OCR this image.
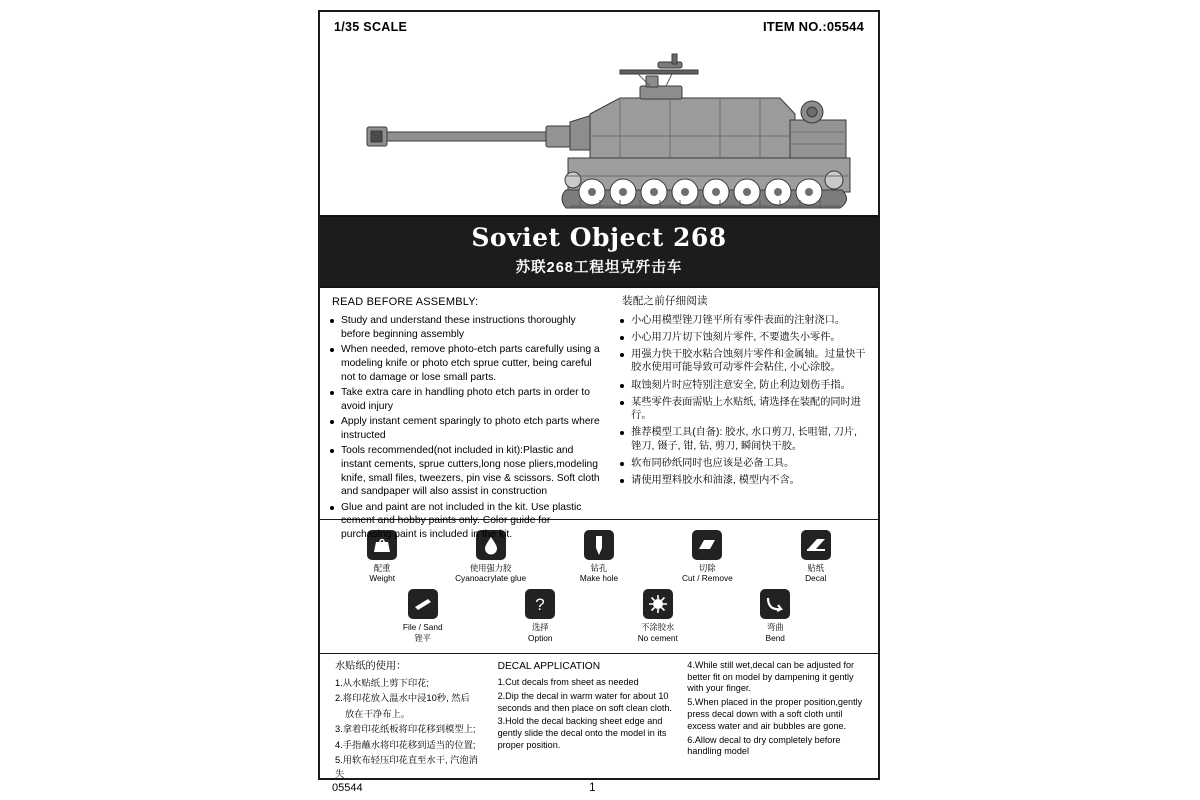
1/35 SCALE	ITEM NO.:05544
Soviet Object 268
苏联268工程坦克歼击车
READ BEFORE ASSEMBLY:
Study and understand these instructions thoroughly before beginning assembly
When needed, remove photo-etch parts carefully using a modeling knife or photo etch sprue cutter, being careful not to damage or lose small parts.
Take extra care in handling photo etch parts in order to avoid injury
Apply instant cement sparingly to photo etch parts where instructed
Tools recommended(not included in kit):Plastic and instant cements, sprue cutters,long nose pliers,modeling knife, small files, tweezers, pin vise & scissors. Soft cloth and sandpaper will also assist in construction
Glue and paint are not included in the kit. Use plastic cement and hobby paints only. Color guide for purchasing paint is included in the kit.
装配之前仔细阅读
小心用模型锉刀锉平所有零件表面的注射浇口。
小心用刀片切下蚀刻片零件, 不要遗失小零件。
用强力快干胶水粘合蚀刻片零件和金属轴。过量快干胶水使用可能导致可动零件会粘住, 小心涂胶。
取蚀刻片时应特别注意安全, 防止利边划伤手指。
某些零件表面需贴上水贴纸, 请选择在装配的同时进行。
推荐模型工具(自备): 胶水, 水口剪刀, 长咀钳, 刀片, 锉刀, 镊子, 钳, 钻, 剪刀, 瞬间快干胶。
软布同砂纸同时也应该是必备工具。
请使用塑料胶水和油漆, 模型内不含。
配重
Weight
使用强力胶
Cyanoacrylate glue
钻孔
Make hole
切除
Cut / Remove
贴纸
Decal
File / Sand
锉平
?
选择
Option
不涂胶水
No cement
弯曲
Bend
水贴纸的使用：
1.从水贴纸上剪下印花;
2.将印花放入温水中浸10秒, 然后
放在干净布上。
3.拿着印花纸板将印花移到模型上;
4.手指蘸水将印花移到适当的位置;
5.用软布轻压印花直至水干, 汽泡消失
DECAL APPLICATION
1.Cut decals from sheet as needed
2.Dip the decal in warm water for about 10 seconds and then place on soft clean cloth.
3.Hold the decal backing sheet edge and gently slide the decal onto the model in its proper position.
4.While still wet,decal can be adjusted for better fit on model by dampening it gently with your finger.
5.When placed in the proper position,gently press decal down with a soft cloth until excess water and air bubbles are gone.
6.Allow decal to dry completely before handling model
05544	1
